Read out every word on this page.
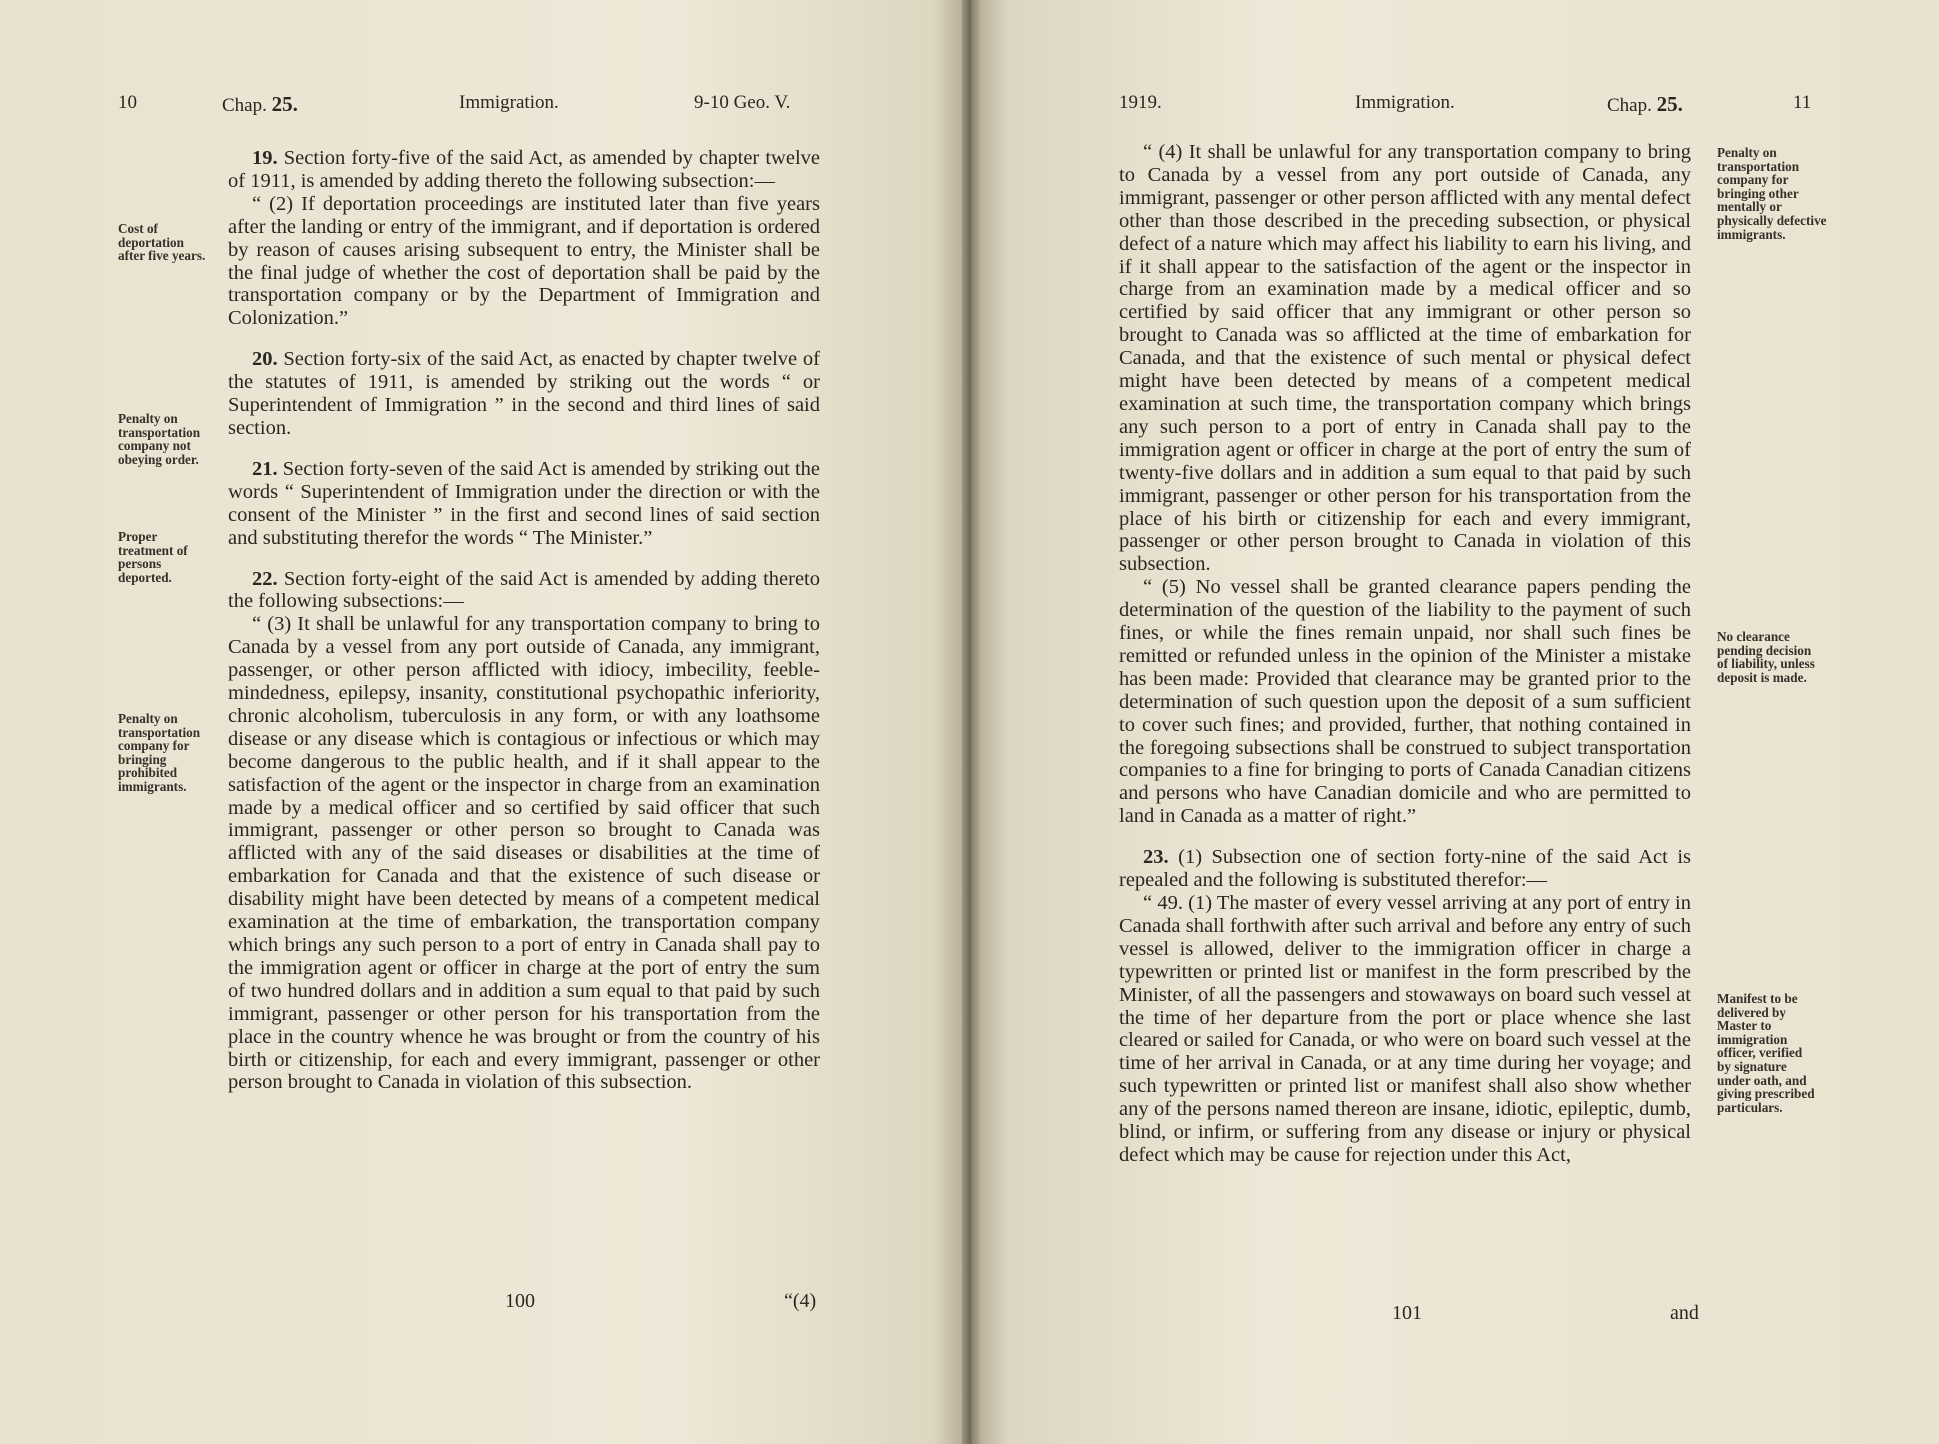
10	Chap. 25.	Immigration.	9-10 Geo. V.
Cost of deportation after five years.
Penalty on transportation company not obeying order.
Proper treatment of persons deported.
Penalty on transportation company for bringing prohibited immigrants.

19. Section forty-five of the said Act, as amended by chapter twelve of 1911, is amended by adding thereto the following subsection:—

“ (2) If deportation proceedings are instituted later than five years after the landing or entry of the immigrant, and if deportation is ordered by reason of causes arising subsequent to entry, the Minister shall be the final judge of whether the cost of deportation shall be paid by the transportation company or by the Department of Immigration and Colonization.”

20. Section forty-six of the said Act, as enacted by chapter twelve of the statutes of 1911, is amended by striking out the words “ or Superintendent of Immigration ” in the second and third lines of said section.

21. Section forty-seven of the said Act is amended by striking out the words “ Superintendent of Immigration under the direction or with the consent of the Minister ” in the first and second lines of said section and substituting therefor the words “ The Minister.”

22. Section forty-eight of the said Act is amended by adding thereto the following subsections:—

“ (3) It shall be unlawful for any transportation company to bring to Canada by a vessel from any port outside of Canada, any immigrant, passenger, or other person afflicted with idiocy, imbecility, feeble-mindedness, epilepsy, insanity, constitutional psychopathic inferiority, chronic alcoholism, tuberculosis in any form, or with any loathsome disease or any disease which is contagious or infectious or which may become dangerous to the public health, and if it shall appear to the satisfaction of the agent or the inspector in charge from an examination made by a medical officer and so certified by said officer that such immigrant, passenger or other person so brought to Canada was afflicted with any of the said diseases or disabilities at the time of embarkation for Canada and that the existence of such disease or disability might have been detected by means of a competent medical examination at the time of embarkation, the transportation company which brings any such person to a port of entry in Canada shall pay to the immigration agent or officer in charge at the port of entry the sum of two hundred dollars and in addition a sum equal to that paid by such immigrant, passenger or other person for his transportation from the place in the country whence he was brought or from the country of his birth or citizenship, for each and every immigrant, passenger or other person brought to Canada in violation of this subsection.

100	“(4)
1919.	Immigration.	Chap. 25.	11

“ (4) It shall be unlawful for any transportation company to bring to Canada by a vessel from any port outside of Canada, any immigrant, passenger or other person afflicted with any mental defect other than those described in the preceding subsection, or physical defect of a nature which may affect his liability to earn his living, and if it shall appear to the satisfaction of the agent or the inspector in charge from an examination made by a medical officer and so certified by said officer that any immigrant or other person so brought to Canada was so afflicted at the time of embarkation for Canada, and that the existence of such mental or physical defect might have been detected by means of a competent medical examination at such time, the transportation company which brings any such person to a port of entry in Canada shall pay to the immigration agent or officer in charge at the port of entry the sum of twenty-five dollars and in addition a sum equal to that paid by such immigrant, passenger or other person for his transportation from the place of his birth or citizenship for each and every immigrant, passenger or other person brought to Canada in violation of this subsection.

“ (5) No vessel shall be granted clearance papers pending the determination of the question of the liability to the payment of such fines, or while the fines remain unpaid, nor shall such fines be remitted or refunded unless in the opinion of the Minister a mistake has been made: Provided that clearance may be granted prior to the determination of such question upon the deposit of a sum sufficient to cover such fines; and provided, further, that nothing contained in the foregoing subsections shall be construed to subject transportation companies to a fine for bringing to ports of Canada Canadian citizens and persons who have Canadian domicile and who are permitted to land in Canada as a matter of right.”

23. (1) Subsection one of section forty-nine of the said Act is repealed and the following is substituted therefor:—

“ 49. (1) The master of every vessel arriving at any port of entry in Canada shall forthwith after such arrival and before any entry of such vessel is allowed, deliver to the immigration officer in charge a typewritten or printed list or manifest in the form prescribed by the Minister, of all the passengers and stowaways on board such vessel at the time of her departure from the port or place whence she last cleared or sailed for Canada, or who were on board such vessel at the time of her arrival in Canada, or at any time during her voyage; and such typewritten or printed list or manifest shall also show whether any of the persons named thereon are insane, idiotic, epileptic, dumb, blind, or infirm, or suffering from any disease or injury or physical defect which may be cause for rejection under this Act,

Penalty on transportation company for bringing other mentally or physically defective immigrants.
No clearance pending decision of liability, unless deposit is made.
Manifest to be delivered by Master to immigration officer, verified by signature under oath, and giving prescribed particulars.
101	and
